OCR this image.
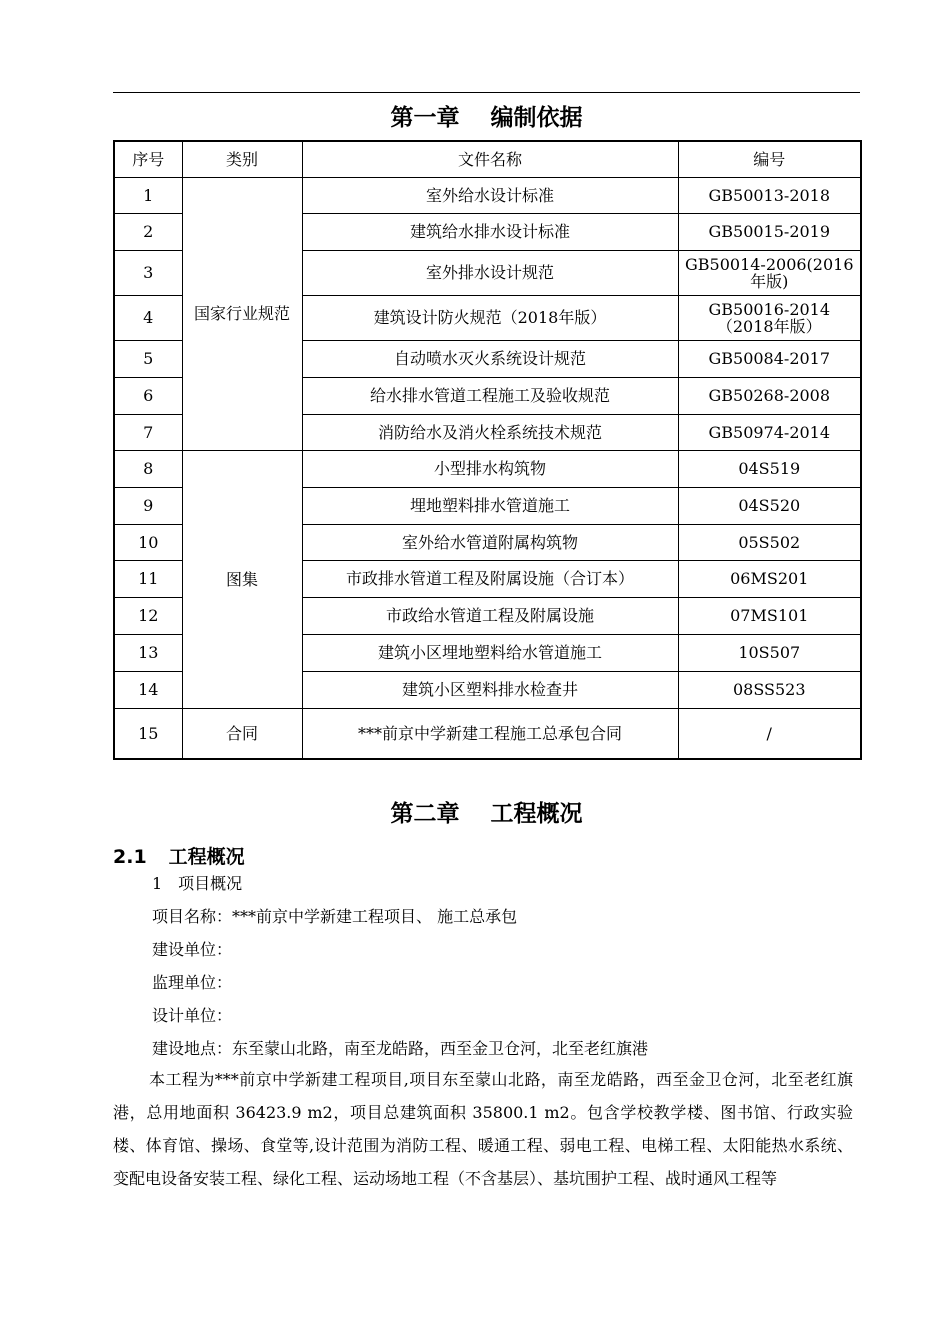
第一章　 编制依据
序号	类别	文件名称	编号
1	国家行业规范	室外给水设计标准	GB50013-2018
2		建筑给水排水设计标准	GB50015-2019
3		室外排水设计规范	GB50014-2006(2016年版)
4		建筑设计防火规范（2018年版）	GB50016-2014（2018年版）
5		自动喷水灭火系统设计规范	GB50084-2017
6		给水排水管道工程施工及验收规范	GB50268-2008
7		消防给水及消火栓系统技术规范	GB50974-2014
8	图集	小型排水构筑物	04S519
9		埋地塑料排水管道施工	04S520
10		室外给水管道附属构筑物	05S502
11		市政排水管道工程及附属设施（合订本）	06MS201
12		市政给水管道工程及附属设施	07MS101
13		建筑小区埋地塑料给水管道施工	10S507
14		建筑小区塑料排水检查井	08SS523
15	合同	***前京中学新建工程施工总承包合同	/
第二章　 工程概况
2.1 工程概况
1　项目概况
项目名称：***前京中学新建工程项目、 施工总承包
建设单位：
监理单位：
设计单位：
建设地点：东至蒙山北路，南至龙皓路，西至金卫仓河，北至老红旗港
本工程为***前京中学新建工程项目,项目东至蒙山北路，南至龙皓路，西至金卫仓河，北至老红旗港，总用地面积 36423.9 m2，项目总建筑面积 35800.1 m2。包含学校教学楼、图书馆、行政实验楼、体育馆、操场、食堂等,设计范围为消防工程、暖通工程、弱电工程、电梯工程、太阳能热水系统、变配电设备安装工程、绿化工程、运动场地工程（不含基层）、基坑围护工程、战时通风工程等
